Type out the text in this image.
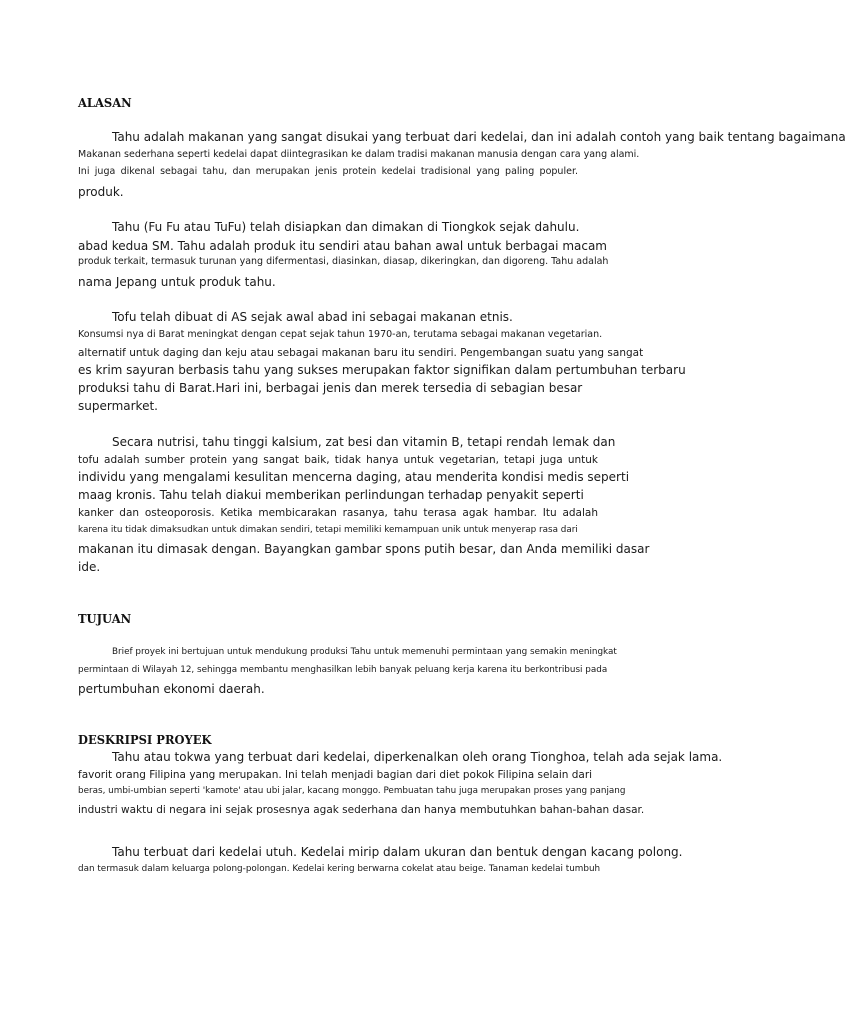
ALASAN
Tahu adalah makanan yang sangat disukai yang terbuat dari kedelai, dan ini adalah contoh yang baik tentang bagaimana
Makanan sederhana seperti kedelai dapat diintegrasikan ke dalam tradisi makanan manusia dengan cara yang alami.
Ini juga dikenal sebagai tahu, dan merupakan jenis protein kedelai tradisional yang paling populer.
produk.
Tahu (Fu Fu atau TuFu) telah disiapkan dan dimakan di Tiongkok sejak dahulu.
abad kedua SM. Tahu adalah produk itu sendiri atau bahan awal untuk berbagai macam
produk terkait, termasuk turunan yang difermentasi, diasinkan, diasap, dikeringkan, dan digoreng. Tahu adalah
nama Jepang untuk produk tahu.
Tofu telah dibuat di AS sejak awal abad ini sebagai makanan etnis.
Konsumsi nya di Barat meningkat dengan cepat sejak tahun 1970-an, terutama sebagai makanan vegetarian.
alternatif untuk daging dan keju atau sebagai makanan baru itu sendiri. Pengembangan suatu yang sangat
es krim sayuran berbasis tahu yang sukses merupakan faktor signifikan dalam pertumbuhan terbaru
produksi tahu di Barat.Hari ini, berbagai jenis dan merek tersedia di sebagian besar
supermarket.
Secara nutrisi, tahu tinggi kalsium, zat besi dan vitamin B, tetapi rendah lemak dan
tofu adalah sumber protein yang sangat baik, tidak hanya untuk vegetarian, tetapi juga untuk
individu yang mengalami kesulitan mencerna daging, atau menderita kondisi medis seperti
maag kronis. Tahu telah diakui memberikan perlindungan terhadap penyakit seperti
kanker dan osteoporosis. Ketika membicarakan rasanya, tahu terasa agak hambar. Itu adalah
karena itu tidak dimaksudkan untuk dimakan sendiri, tetapi memiliki kemampuan unik untuk menyerap rasa dari
makanan itu dimasak dengan. Bayangkan gambar spons putih besar, dan Anda memiliki dasar
ide.
TUJUAN
Brief proyek ini bertujuan untuk mendukung produksi Tahu untuk memenuhi permintaan yang semakin meningkat
permintaan di Wilayah 12, sehingga membantu menghasilkan lebih banyak peluang kerja karena itu berkontribusi pada
pertumbuhan ekonomi daerah.
DESKRIPSI PROYEK
Tahu atau tokwa yang terbuat dari kedelai, diperkenalkan oleh orang Tionghoa, telah ada sejak lama.
favorit orang Filipina yang merupakan. Ini telah menjadi bagian dari diet pokok Filipina selain dari
beras, umbi-umbian seperti 'kamote' atau ubi jalar, kacang monggo. Pembuatan tahu juga merupakan proses yang panjang
industri waktu di negara ini sejak prosesnya agak sederhana dan hanya membutuhkan bahan-bahan dasar.
Tahu terbuat dari kedelai utuh. Kedelai mirip dalam ukuran dan bentuk dengan kacang polong.
dan termasuk dalam keluarga polong-polongan. Kedelai kering berwarna cokelat atau beige. Tanaman kedelai tumbuh
